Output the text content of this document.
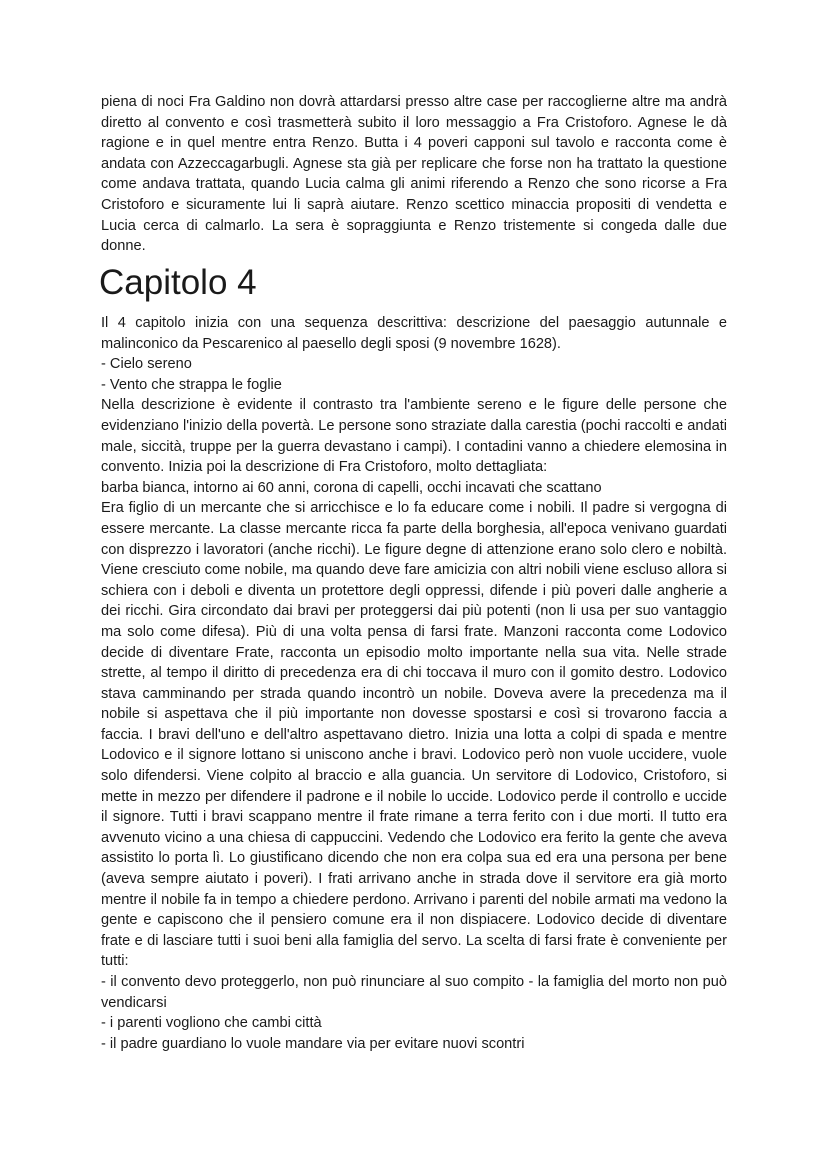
piena di noci Fra Galdino non dovrà attardarsi presso altre case per raccoglierne altre ma andrà diretto al convento e così trasmetterà subito il loro messaggio a Fra Cristoforo. Agnese le dà ragione e in quel mentre entra Renzo. Butta i 4 poveri capponi sul tavolo e racconta come è andata con Azzeccagarbugli. Agnese sta già per replicare che forse non ha trattato la questione come andava trattata, quando Lucia calma gli animi riferendo a Renzo che sono ricorse a Fra Cristoforo e sicuramente lui li saprà aiutare. Renzo scettico minaccia propositi di vendetta e Lucia cerca di calmarlo. La sera è sopraggiunta e Renzo tristemente si congeda dalle due donne.

Capitolo 4
Il 4 capitolo inizia con una sequenza descrittiva: descrizione del paesaggio autunnale e malinconico da Pescarenico al paesello degli sposi (9 novembre 1628).
- Cielo sereno
- Vento che strappa le foglie
Nella descrizione è evidente il contrasto tra l'ambiente sereno e le figure delle persone che evidenziano l'inizio della povertà. Le persone sono straziate dalla carestia (pochi raccolti e andati male, siccità, truppe per la guerra devastano i campi). I contadini vanno a chiedere elemosina in convento. Inizia poi la descrizione di Fra Cristoforo, molto dettagliata:
barba bianca, intorno ai 60 anni, corona di capelli, occhi incavati che scattano
Era figlio di un mercante che si arricchisce e lo fa educare come i nobili. Il padre si vergogna di essere mercante. La classe mercante ricca fa parte della borghesia, all'epoca venivano guardati con disprezzo i lavoratori (anche ricchi). Le figure degne di attenzione erano solo clero e nobiltà. Viene cresciuto come nobile, ma quando deve fare amicizia con altri nobili viene escluso allora si schiera con i deboli e diventa un protettore degli oppressi, difende i più poveri dalle angherie a dei ricchi. Gira circondato dai bravi per proteggersi dai più potenti (non li usa per suo vantaggio ma solo come difesa). Più di una volta pensa di farsi frate. Manzoni racconta come Lodovico decide di diventare Frate, racconta un episodio molto importante nella sua vita. Nelle strade strette, al tempo il diritto di precedenza era di chi toccava il muro con il gomito destro. Lodovico stava camminando per strada quando incontrò un nobile. Doveva avere la precedenza ma il nobile si aspettava che il più importante non dovesse spostarsi e così si trovarono faccia a faccia. I bravi dell'uno e dell'altro aspettavano dietro. Inizia una lotta a colpi di spada e mentre Lodovico e il signore lottano si uniscono anche i bravi. Lodovico però non vuole uccidere, vuole solo difendersi. Viene colpito al braccio e alla guancia. Un servitore di Lodovico, Cristoforo, si mette in mezzo per difendere il padrone e il nobile lo uccide. Lodovico perde il controllo e uccide il signore. Tutti i bravi scappano mentre il frate rimane a terra ferito con i due morti. Il tutto era avvenuto vicino a una chiesa di cappuccini. Vedendo che Lodovico era ferito la gente che aveva assistito lo porta lì. Lo giustificano dicendo che non era colpa sua ed era una persona per bene (aveva sempre aiutato i poveri). I frati arrivano anche in strada dove il servitore era già morto mentre il nobile fa in tempo a chiedere perdono. Arrivano i parenti del nobile armati ma vedono la gente e capiscono che il pensiero comune era il non dispiacere. Lodovico decide di diventare frate e di lasciare tutti i suoi beni alla famiglia del servo. La scelta di farsi frate è conveniente per tutti:
- il convento devo proteggerlo, non può rinunciare al suo compito - la famiglia del morto non può vendicarsi
- i parenti vogliono che cambi città
- il padre guardiano lo vuole mandare via per evitare nuovi scontri
